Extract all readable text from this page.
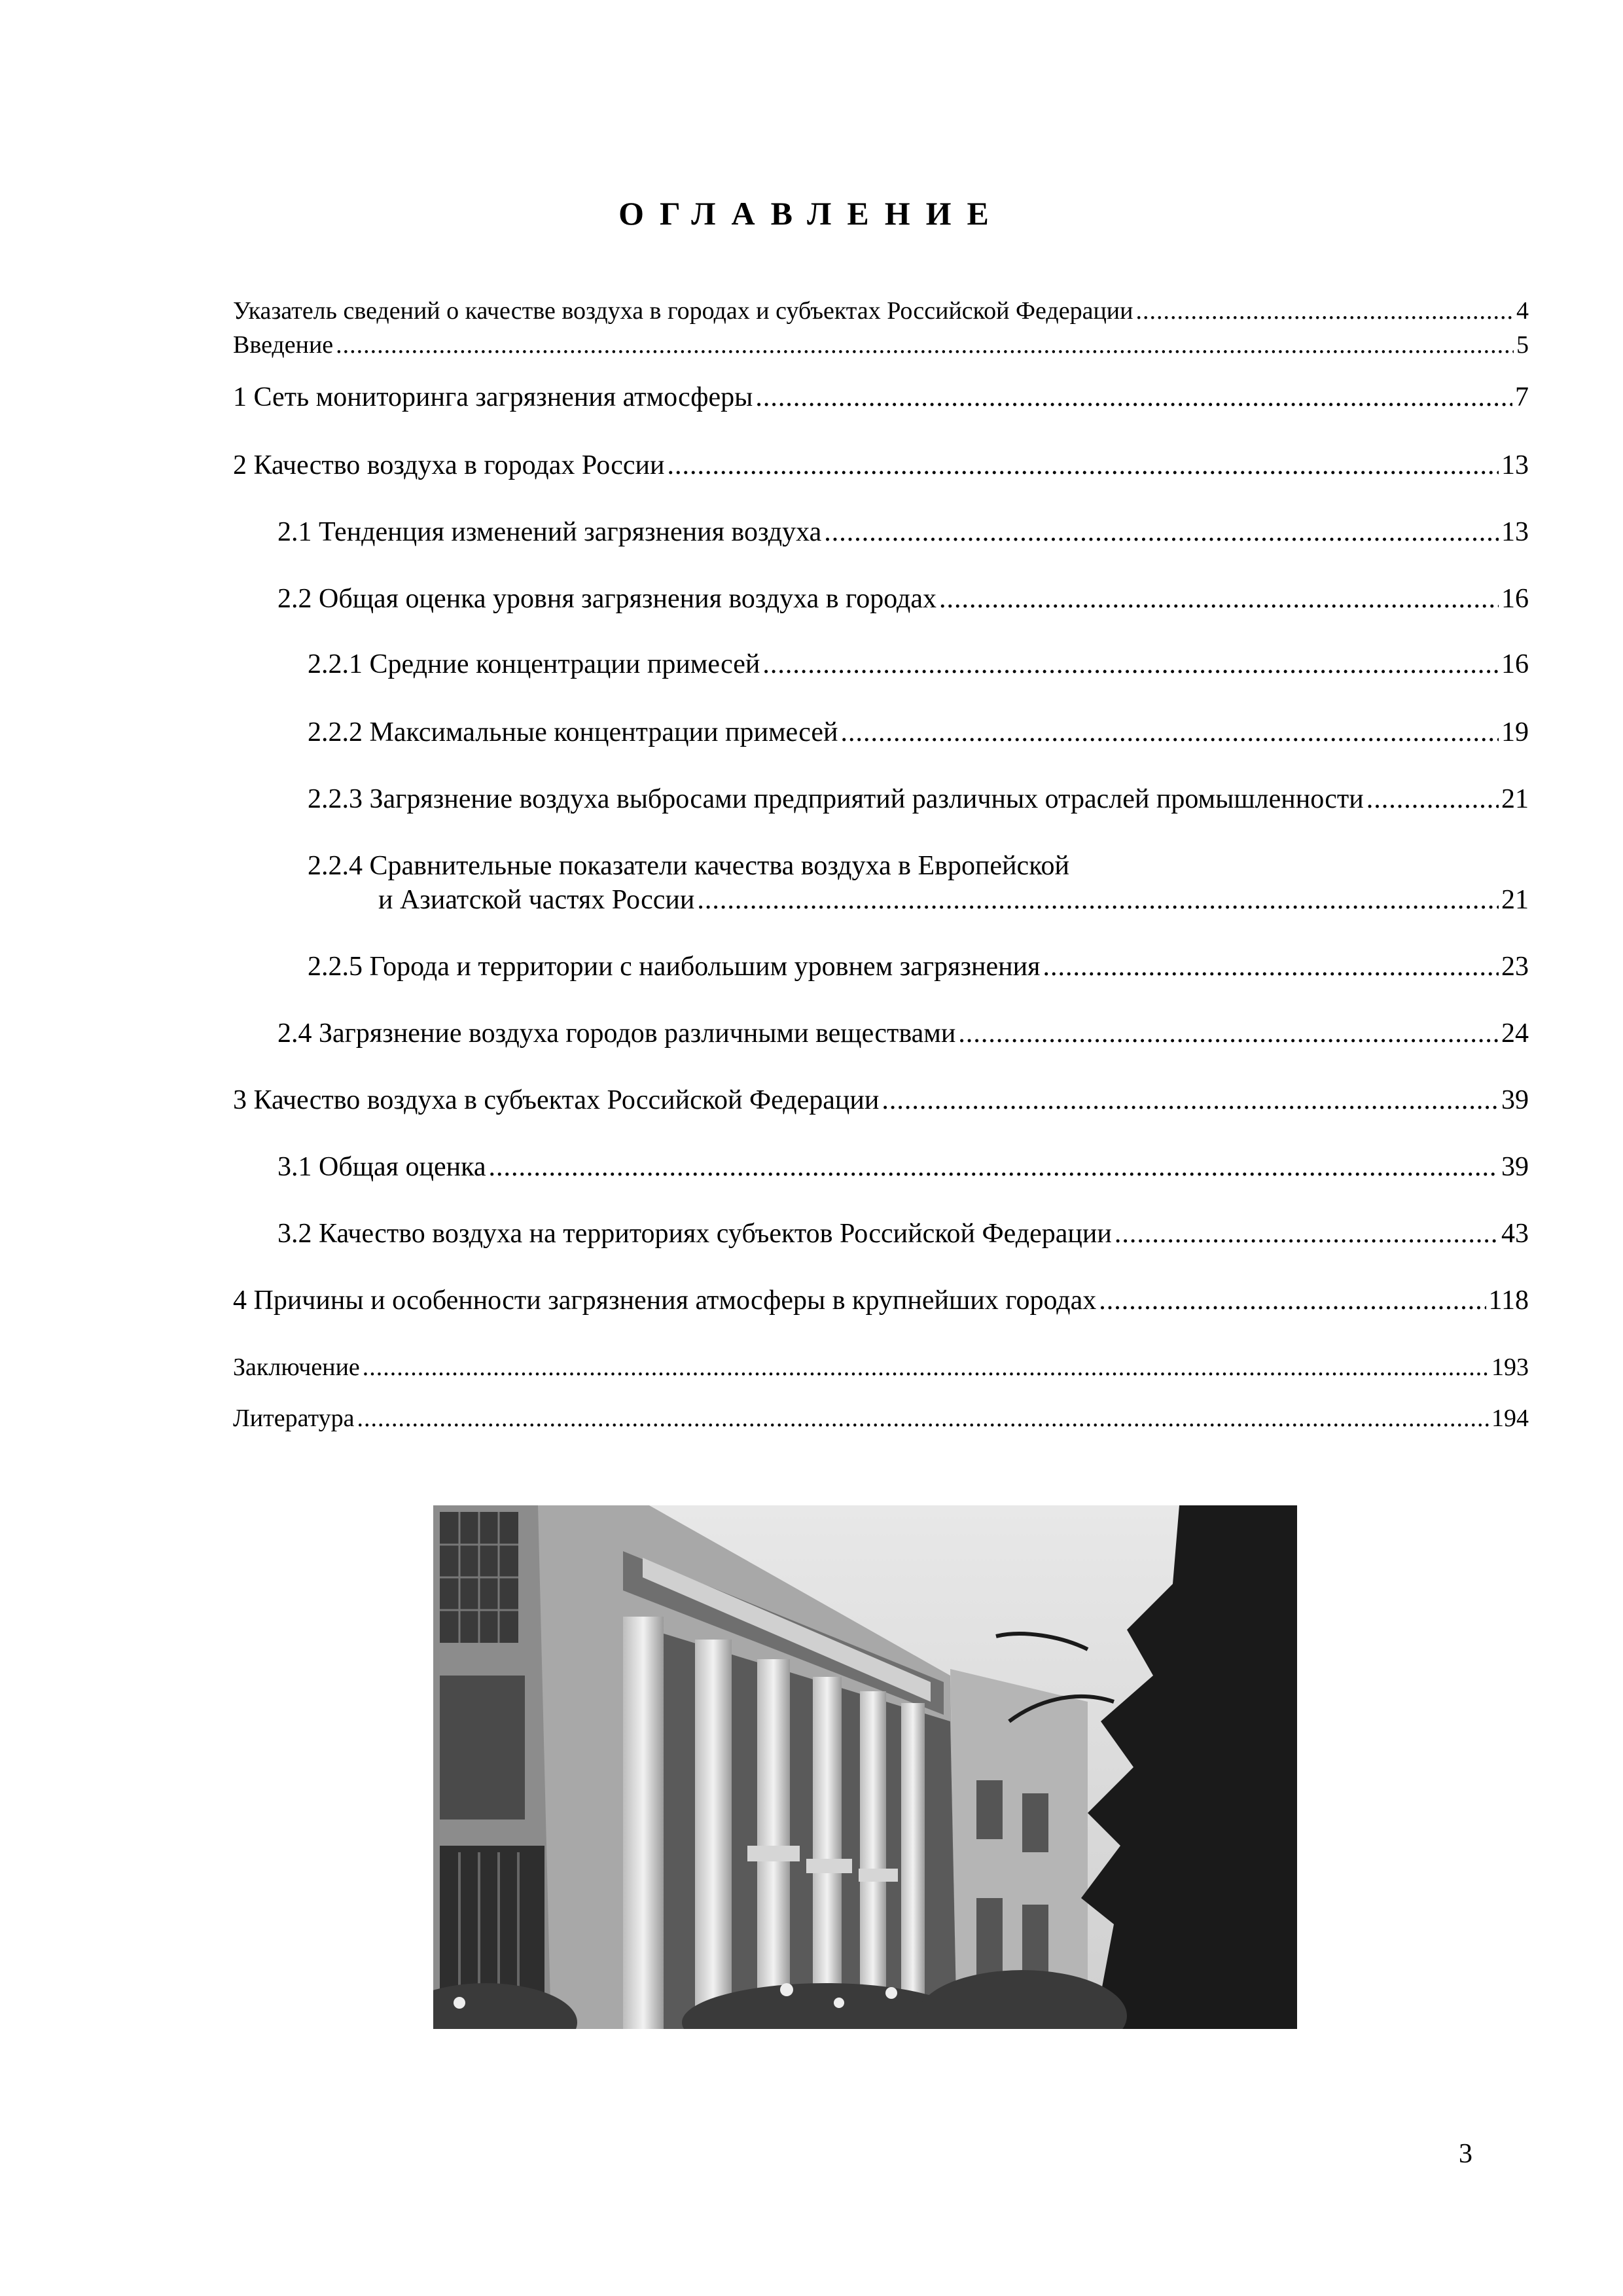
ОГЛАВЛЕНИЕ
Указатель сведений о качестве воздуха в городах и субъектах Российской Федерации .....	4
Введение .....	5
1 Сеть мониторинга загрязнения атмосферы .....	7
2 Качество воздуха в городах России .....	13
2.1 Тенденция изменений загрязнения воздуха .....	13
2.2 Общая оценка уровня загрязнения воздуха в городах .....	16
2.2.1 Средние концентрации примесей .....	16
2.2.2 Максимальные концентрации примесей .....	19
2.2.3 Загрязнение воздуха выбросами предприятий различных отраслей промышленности .....	21
2.2.4 Сравнительные показатели качества воздуха в Европейской
и Азиатской частях России .....	21
2.2.5 Города и территории с наибольшим уровнем загрязнения .....	23
2.4 Загрязнение воздуха городов различными веществами .....	24
3 Качество воздуха в субъектах Российской Федерации .....	39
3.1 Общая оценка .....	39
3.2 Качество воздуха на территориях субъектов Российской Федерации .....	43
4 Причины и особенности загрязнения атмосферы в крупнейших городах .....	118
Заключение .....	193
Литература .....	194
3
